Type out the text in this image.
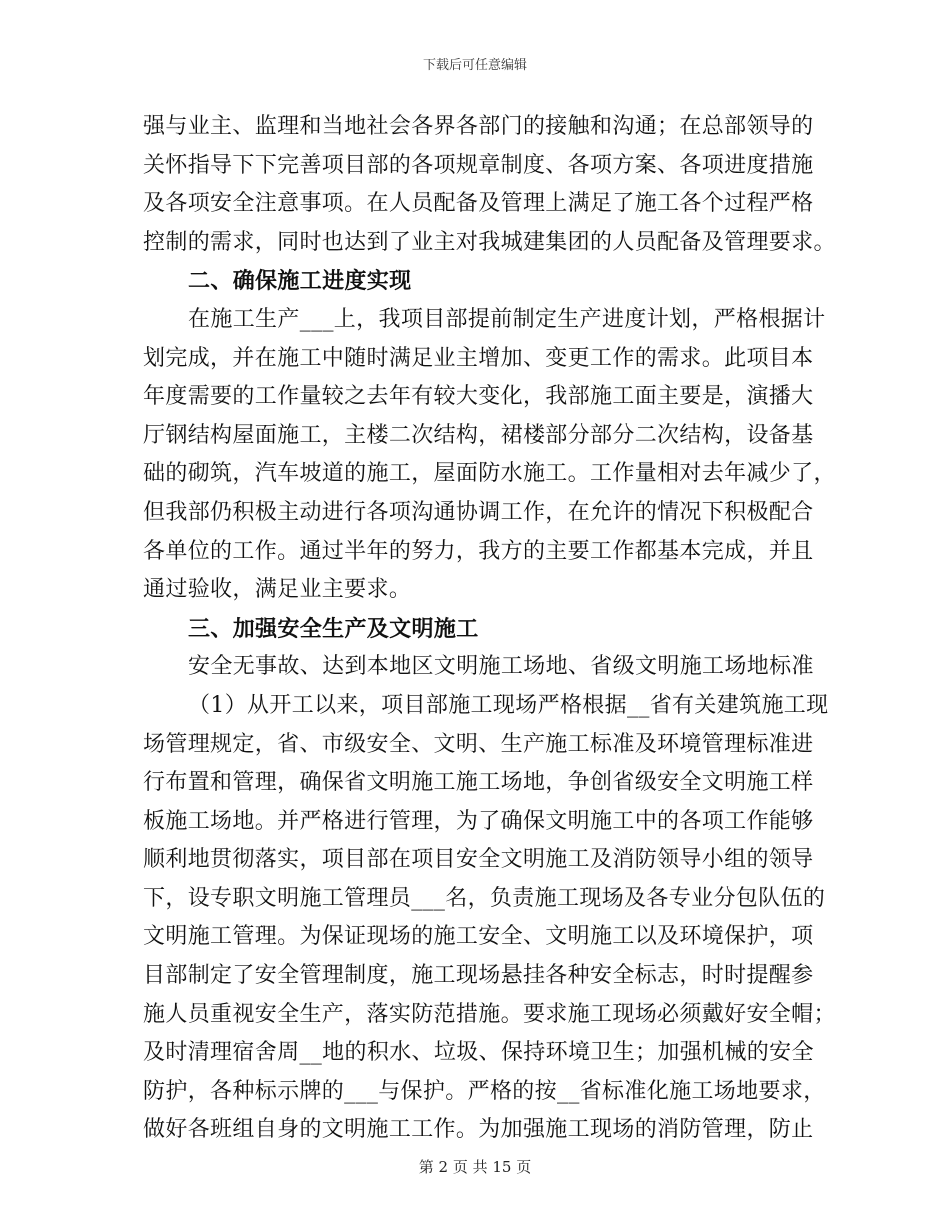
下载后可任意编辑
强与业主、监理和当地社会各界各部门的接触和沟通；在总部领导的
关怀指导下下完善项目部的各项规章制度、各项方案、各项进度措施
及各项安全注意事项。在人员配备及管理上满足了施工各个过程严格
控制的需求，同时也达到了业主对我城建集团的人员配备及管理要求。
二、确保施工进度实现
在施工生产___上，我项目部提前制定生产进度计划，严格根据计
划完成，并在施工中随时满足业主增加、变更工作的需求。此项目本
年度需要的工作量较之去年有较大变化，我部施工面主要是，演播大
厅钢结构屋面施工，主楼二次结构，裙楼部分部分二次结构，设备基
础的砌筑，汽车坡道的施工，屋面防水施工。工作量相对去年减少了，
但我部仍积极主动进行各项沟通协调工作，在允许的情况下积极配合
各单位的工作。通过半年的努力，我方的主要工作都基本完成，并且
通过验收，满足业主要求。
三、加强安全生产及文明施工
安全无事故、达到本地区文明施工场地、省级文明施工场地标准
（1）从开工以来，项目部施工现场严格根据__省有关建筑施工现
场管理规定，省、市级安全、文明、生产施工标准及环境管理标准进
行布置和管理，确保省文明施工施工场地，争创省级安全文明施工样
板施工场地。并严格进行管理，为了确保文明施工中的各项工作能够
顺利地贯彻落实，项目部在项目安全文明施工及消防领导小组的领导
下，设专职文明施工管理员___名，负责施工现场及各专业分包队伍的
文明施工管理。为保证现场的施工安全、文明施工以及环境保护，项
目部制定了安全管理制度，施工现场悬挂各种安全标志，时时提醒参
施人员重视安全生产，落实防范措施。要求施工现场必须戴好安全帽；
及时清理宿舍周__地的积水、垃圾、保持环境卫生；加强机械的安全
防护，各种标示牌的___与保护。严格的按__省标准化施工场地要求，
做好各班组自身的文明施工工作。为加强施工现场的消防管理，防止
第 2 页 共 15 页
